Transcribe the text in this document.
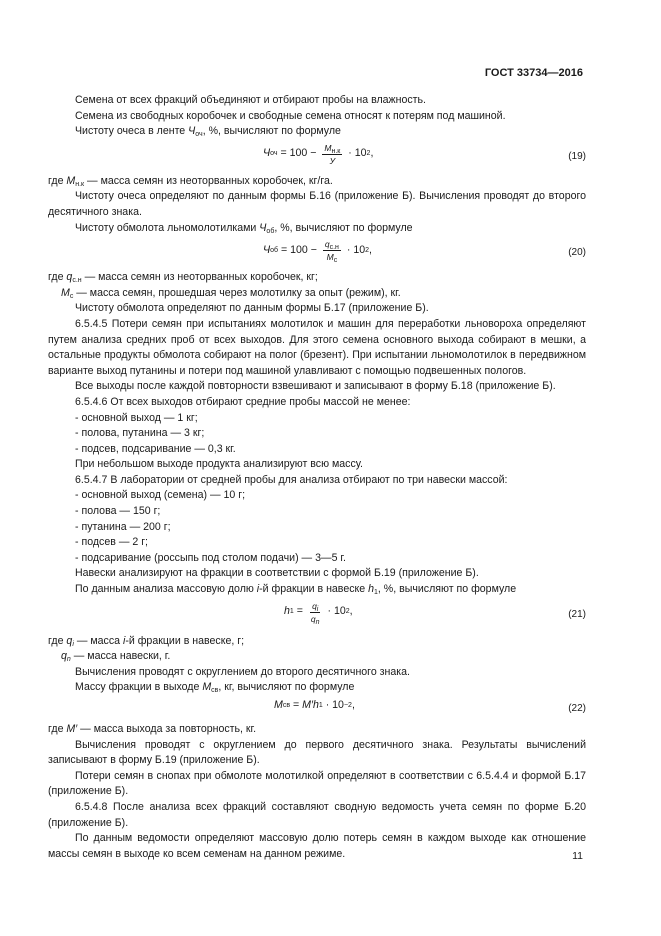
ГОСТ 33734—2016

Семена от всех фракций объединяют и отбирают пробы на влажность.

Семена из свободных коробочек и свободные семена относят к потерям под машиной.

Чистоту очеса в ленте $Ч_{оч}$, %, вычисляют по формуле

Ч оч = $100 - \frac{М_{н.к}}{У} \cdot 10$ 2 ,	(19)

где $М_{н.к}$ — масса семян из неоторванных коробочек, кг/га.

Чистоту очеса определяют по данным формы Б.16 (приложение Б). Вычисления проводят до второго десятичного знака.

Чистоту обмолота льномолотилками $Ч_{об}$, %, вычисляют по формуле

Ч об = $100 - \frac{q_{с.н}}{М_с} \cdot 10$ 2 ,	(20)

где $q_{с.н}$ — масса семян из неоторванных коробочек, кг;

$М_с$ — масса семян, прошедшая через молотилку за опыт (режим), кг.

Чистоту обмолота определяют по данным формы Б.17 (приложение Б).

6.5.4.5 Потери семян при испытаниях молотилок и машин для переработки льновороха определяют путем анализа средних проб от всех выходов. Для этого семена основного выхода собирают в мешки, а остальные продукты обмолота собирают на полог (брезент). При испытании льномолотилок в передвижном варианте выход путанины и потери под машиной улавливают с помощью подвешенных пологов.

Все выходы после каждой повторности взвешивают и записывают в форму Б.18 (приложение Б).

6.5.4.6 От всех выходов отбирают средние пробы массой не менее:

- основной выход — 1 кг;

- полова, путанина — 3 кг;

- подсев, подсаривание — 0,3 кг.

При небольшом выходе продукта анализируют всю массу.

6.5.4.7 В лаборатории от средней пробы для анализа отбирают по три навески массой:

- основной выход (семена) — 10 г;

- полова — 150 г;

- путанина — 200 г;

- подсев — 2 г;

- подсаривание (россыпь под столом подачи) — 3—5 г.

Навески анализируют на фракции в соответствии с формой Б.19 (приложение Б).

По данным анализа массовую долю i-й фракции в навеске $h_1$, %, вычисляют по формуле

h $1 = \frac{q_i}{q_n} \cdot 10$ 2 ,	(21)

где $q_i$ — масса i-й фракции в навеске, г;

$q_n$ — масса навески, г.

Вычисления проводят с округлением до второго десятичного знака.

Массу фракции в выходе $М_{св}$, кг, вычисляют по формуле

М св = М′ h 1 · 10 −2 ,	(22)

где М′ — масса выхода за повторность, кг.

Вычисления проводят с округлением до первого десятичного знака. Результаты вычислений записывают в форму Б.19 (приложение Б).

Потери семян в снопах при обмолоте молотилкой определяют в соответствии с 6.5.4.4 и формой Б.17 (приложение Б).

6.5.4.8 После анализа всех фракций составляют сводную ведомость учета семян по форме Б.20 (приложение Б).

По данным ведомости определяют массовую долю потерь семян в каждом выходе как отношение массы семян в выходе ко всем семенам на данном режиме.	11
